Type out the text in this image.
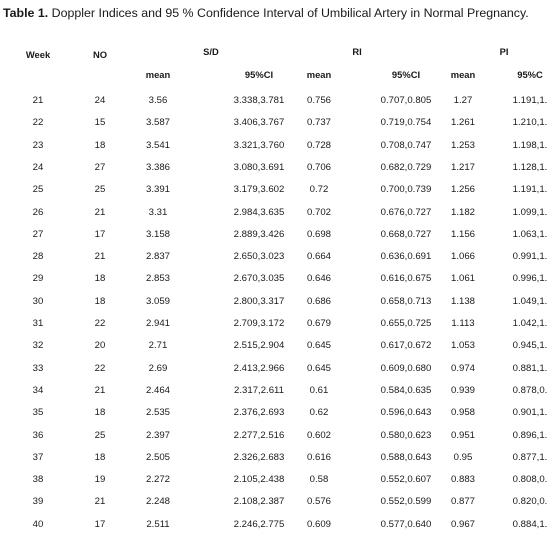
Table 1. Doppler Indices and 95 % Confidence Interval of Umbilical Artery in Normal Pregnancy.
Week	NO	S/D	RI	PI
mean	95%CI	mean	95%CI	mean	95%C
21	24	3.56	3.338,3.781 0.756	0.707,0.805 1.27	1.191,1.
22	15	3.587	3.406,3.767 0.737	0.719,0.754 1.261	1.210,1.
23	18	3.541	3.321,3.760 0.728	0.708,0.747 1.253	1.198,1.
24	27	3.386	3.080,3.691 0.706	0.682,0.729 1.217	1.128,1.
25	25	3.391	3.179,3.602	0.72	0.700,0.739 1.256	1.191,1.
26	21	3.31	2.984,3.635 0.702	0.676,0.727 1.182	1.099,1.
27	17	3.158	2.889,3.426 0.698	0.668,0.727 1.156	1.063,1.
28	21	2.837	2.650,3.023 0.664	0.636,0.691 1.066	0.991,1.
29	18	2.853	2.670,3.035 0.646	0.616,0.675 1.061	0.996,1.
30	18	3.059	2.800,3.317 0.686	0.658,0.713 1.138	1.049,1.
31	22	2.941	2.709,3.172 0.679	0.655,0.725 1.113	1.042,1.
32	20	2.71	2.515,2.904 0.645	0.617,0.672 1.053	0.945,1.
33	22	2.69	2.413,2.966 0.645	0.609,0.680 0.974	0.881,1.
34	21	2.464	2.317,2.611	0.61	0.584,0.635 0.939	0.878,0.
35	18	2.535	2.376,2.693	0.62	0.596,0.643 0.958	0.901,1.
36	25	2.397	2.277,2.516 0.602	0.580,0.623 0.951	0.896,1.
37	18	2.505	2.326,2.683 0.616	0.588,0.643 0.95	0.877,1.
38	19	2.272	2.105,2.438	0.58	0.552,0.607 0.883	0.808,0.
39	21	2.248	2.108,2.387 0.576	0.552,0.599 0.877	0.820,0.
40	17	2.511	2.246,2.775 0.609	0.577,0.640 0.967	0.884,1.
